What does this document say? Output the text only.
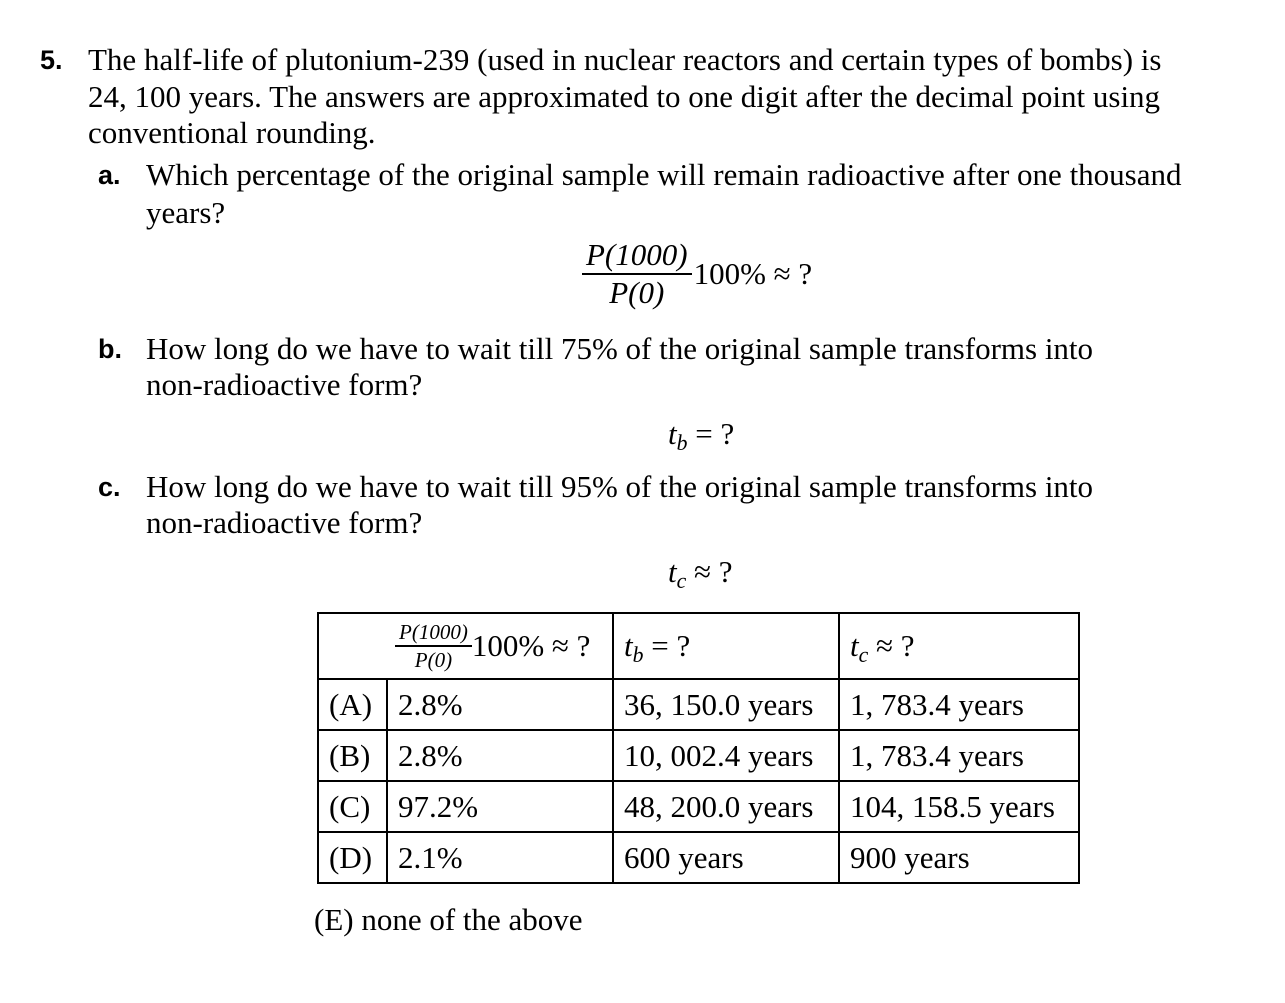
5. The half-life of plutonium-239 (used in nuclear reactors and certain types of bombs) is
24, 100 years. The answers are approximated to one digit after the decimal point using
conventional rounding.
a. Which percentage of the original sample will remain radioactive after one thousand
years?
$\frac{P(1000)}{P(0)} 100\%$ ≈ ?
b. How long do we have to wait till 75% of the original sample transforms into
non-radioactive form?
$t_b$ = ?
c. How long do we have to wait till 95% of the original sample transforms into
non-radioactive form?
$t_c$ ≈ ?

	$\frac{P(1000)}{P(0)} 100\%$ ≈ ?	$t_b$ = ?	$t_c$ ≈ ?
(A)	2.8%	36, 150.0 years	1, 783.4 years
(B)	2.8%	10, 002.4 years	1, 783.4 years
(C)	97.2%	48, 200.0 years	104, 158.5 years
(D)	2.1%	600 years	900 years
(E) none of the above
